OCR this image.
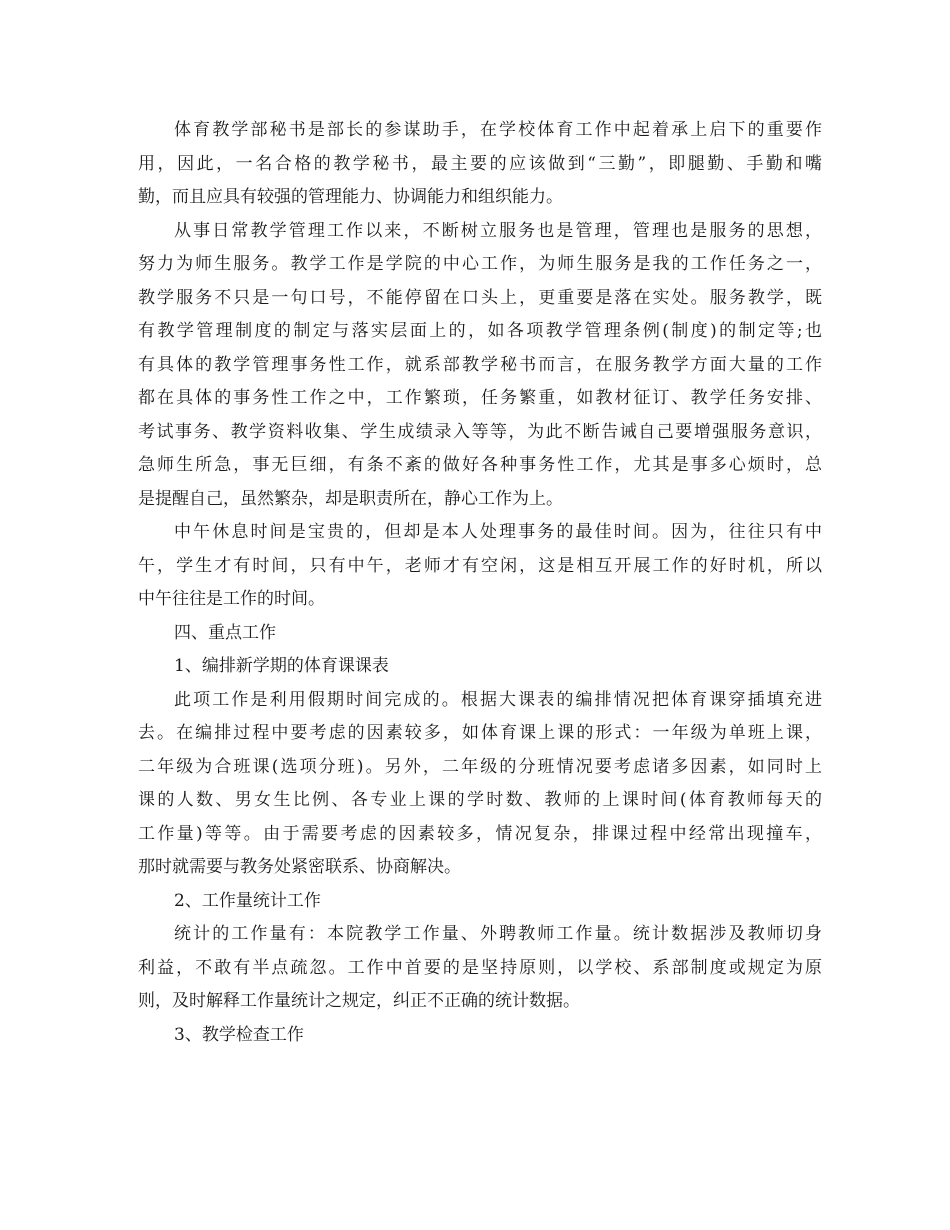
体育教学部秘书是部长的参谋助手，在学校体育工作中起着承上启下的重要作
用，因此，一名合格的教学秘书，最主要的应该做到“三勤”，即腿勤、手勤和嘴
勤，而且应具有较强的管理能力、协调能力和组织能力。

从事日常教学管理工作以来，不断树立服务也是管理，管理也是服务的思想，
努力为师生服务。教学工作是学院的中心工作，为师生服务是我的工作任务之一，
教学服务不只是一句口号，不能停留在口头上，更重要是落在实处。服务教学，既
有教学管理制度的制定与落实层面上的，如各项教学管理条例(制度)的制定等;也
有具体的教学管理事务性工作，就系部教学秘书而言，在服务教学方面大量的工作
都在具体的事务性工作之中，工作繁琐，任务繁重，如教材征订、教学任务安排、
考试事务、教学资料收集、学生成绩录入等等，为此不断告诫自己要增强服务意识，
急师生所急，事无巨细，有条不紊的做好各种事务性工作，尤其是事多心烦时，总
是提醒自己，虽然繁杂，却是职责所在，静心工作为上。

中午休息时间是宝贵的，但却是本人处理事务的最佳时间。因为，往往只有中
午，学生才有时间，只有中午，老师才有空闲，这是相互开展工作的好时机，所以
中午往往是工作的时间。

四、重点工作

1、编排新学期的体育课课表

此项工作是利用假期时间完成的。根据大课表的编排情况把体育课穿插填充进
去。在编排过程中要考虑的因素较多，如体育课上课的形式：一年级为单班上课，
二年级为合班课(选项分班)。另外，二年级的分班情况要考虑诸多因素，如同时上
课的人数、男女生比例、各专业上课的学时数、教师的上课时间(体育教师每天的
工作量)等等。由于需要考虑的因素较多，情况复杂，排课过程中经常出现撞车，
那时就需要与教务处紧密联系、协商解决。

2、工作量统计工作

统计的工作量有：本院教学工作量、外聘教师工作量。统计数据涉及教师切身
利益，不敢有半点疏忽。工作中首要的是坚持原则，以学校、系部制度或规定为原
则，及时解释工作量统计之规定，纠正不正确的统计数据。

3、教学检查工作
